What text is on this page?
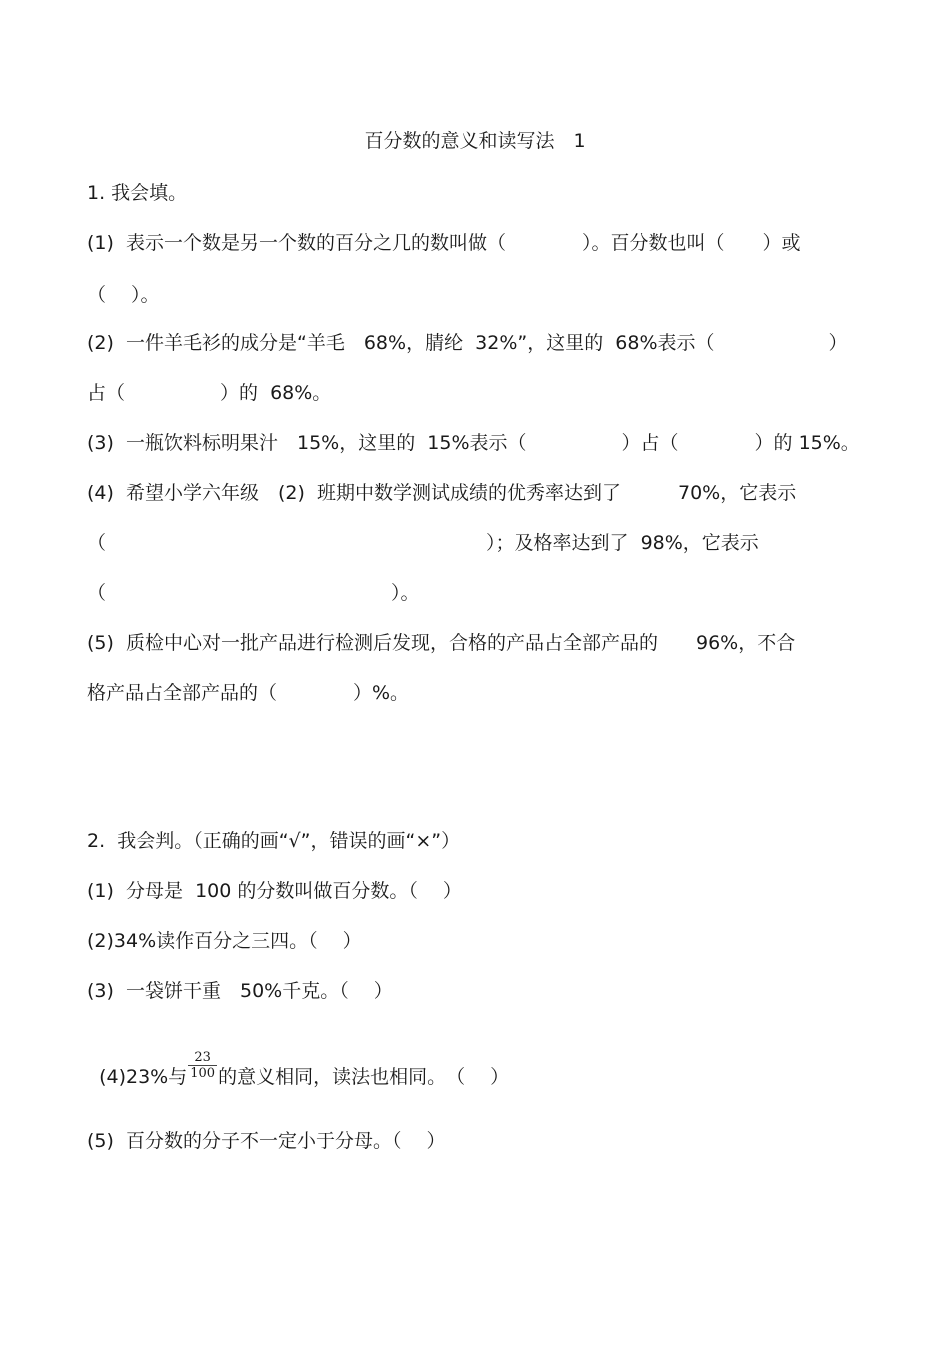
百分数的意义和读写法　1
1. 我会填。
(1)  表示一个数是另一个数的百分之几的数叫做（　　　　）。百分数也叫（　　）或
（　 ）。
(2)  一件羊毛衫的成分是“羊毛　68%，腈纶  32%”，这里的  68%表示（　　　　　　）
占（　　　　　）的  68%。
(3)  一瓶饮料标明果汁　15%，这里的  15%表示（　　　　　）占（　　　　）的 15%。
(4)  希望小学六年级　(2)  班期中数学测试成绩的优秀率达到了　　　70%，它表示
（　　　　　　　　　　　　　　　　　　　　）；及格率达到了  98%，它表示
（　　　　　　　　　　　　　　　）。
(5)  质检中心对一批产品进行检测后发现，合格的产品占全部产品的　　96%，不合
格产品占全部产品的（　　　　）%。
2.  我会判。（正确的画“√”，错误的画“×”）
(1)  分母是  100 的分数叫做百分数。（　 ）
(2)34%读作百分之三四。（　 ）
(3)  一袋饼干重　50%千克。（　 ）

(4)23%与 $\frac{23}{100}$ 的意义相同，读法也相同。　（　 ）

(5)  百分数的分子不一定小于分母。（　 ）
